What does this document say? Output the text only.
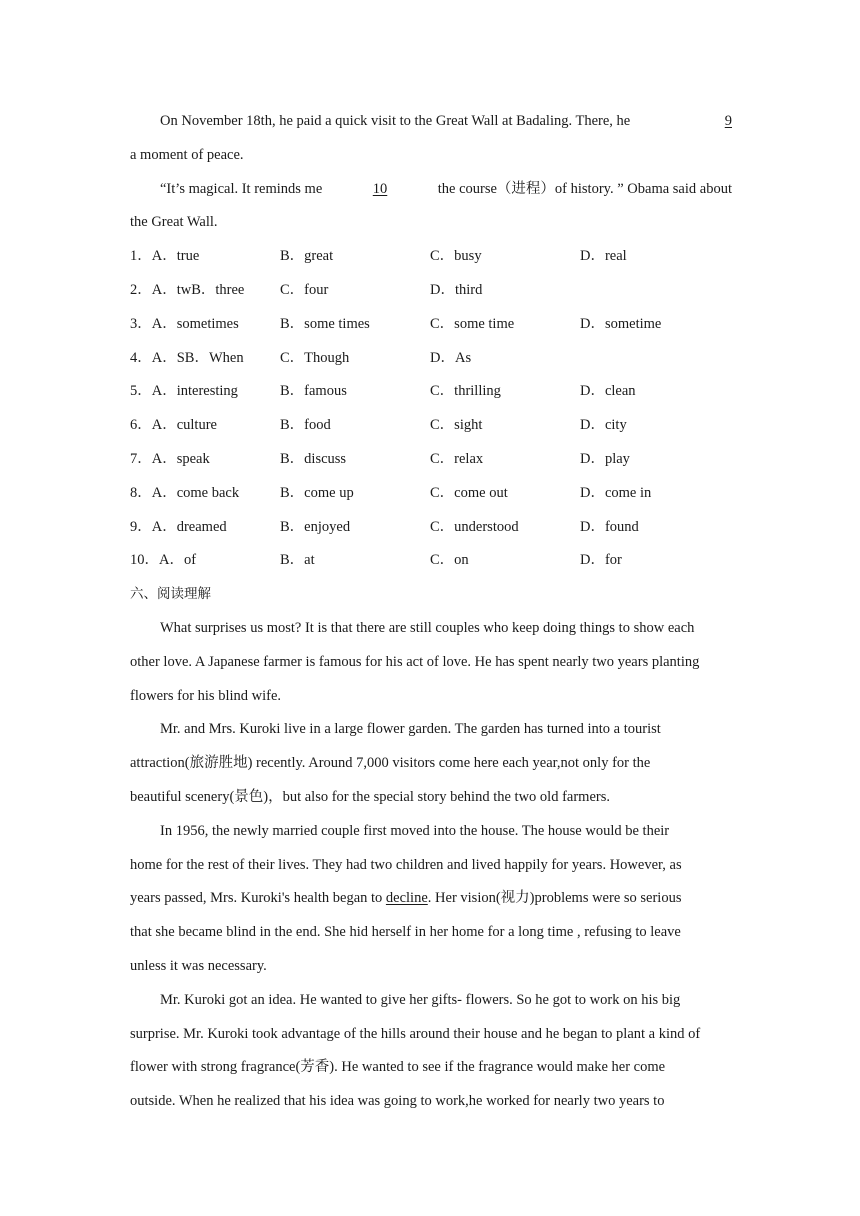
On November 18th, he paid a quick visit to the Great Wall at Badaling. There, he	9
a moment of peace.
“It’s magical. It reminds me	10	the course（进程）of history. ” Obama said about
the Great Wall.
1．A．true	B．great	C．busy	D．real
2．A．twB．three	C．four	D．third
3．A．sometimes	B．some times	C．some time	D．sometime
4．A．SB．When	C．Though	D．As
5．A．interesting	B．famous	C．thrilling	D．clean
6．A．culture	B．food	C．sight	D．city
7．A．speak	B．discuss	C．relax	D．play
8．A．come back	B．come up	C．come out	D．come in
9．A．dreamed	B．enjoyed	C．understood	D．found
10．A．of	B．at	C．on	D．for
六、阅读理解
What surprises us most? It is that there are still couples who keep doing things to show each
other love. A Japanese farmer is famous for his act of love. He has spent nearly two years planting
flowers for his blind wife.
Mr. and Mrs. Kuroki live in a large flower garden. The garden has turned into a tourist
attraction(旅游胜地) recently. Around 7,000 visitors come here each year,not only for the
beautiful scenery(景色)，but also for the special story behind the two old farmers.
In 1956, the newly married couple first moved into the house. The house would be their
home for the rest of their lives. They had two children and lived happily for years. However, as
years passed, Mrs. Kuroki's health began to decline. Her vision(视力)problems were so serious
that she became blind in the end. She hid herself in her home for a long time , refusing to leave
unless it was necessary.
Mr. Kuroki got an idea. He wanted to give her gifts- flowers. So he got to work on his big
surprise. Mr. Kuroki took advantage of the hills around their house and he began to plant a kind of
flower with strong fragrance(芳香). He wanted to see if the fragrance would make her come
outside. When he realized that his idea was going to work,he worked for nearly two years to
